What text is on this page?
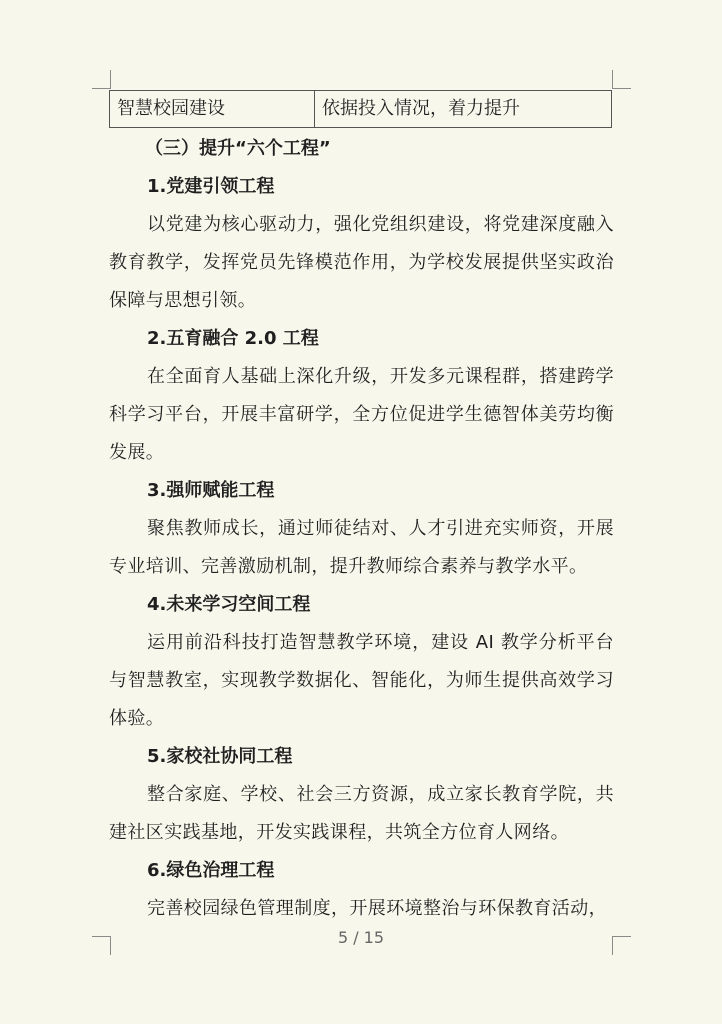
智慧校园建设	依据投入情况，着力提升

（三）提升“六个工程”

1.党建引领工程

以党建为核心驱动力，强化党组织建设，将党建深度融入教育教学，发挥党员先锋模范作用，为学校发展提供坚实政治保障与思想引领。

2.五育融合 2.0 工程

在全面育人基础上深化升级，开发多元课程群，搭建跨学科学习平台，开展丰富研学，全方位促进学生德智体美劳均衡发展。

3.强师赋能工程

聚焦教师成长，通过师徒结对、人才引进充实师资，开展专业培训、完善激励机制，提升教师综合素养与教学水平。

4.未来学习空间工程

运用前沿科技打造智慧教学环境，建设 AI 教学分析平台与智慧教室，实现教学数据化、智能化，为师生提供高效学习体验。

5.家校社协同工程

整合家庭、学校、社会三方资源，成立家长教育学院，共建社区实践基地，开发实践课程，共筑全方位育人网络。

6.绿色治理工程

完善校园绿色管理制度，开展环境整治与环保教育活动，

5 / 15
